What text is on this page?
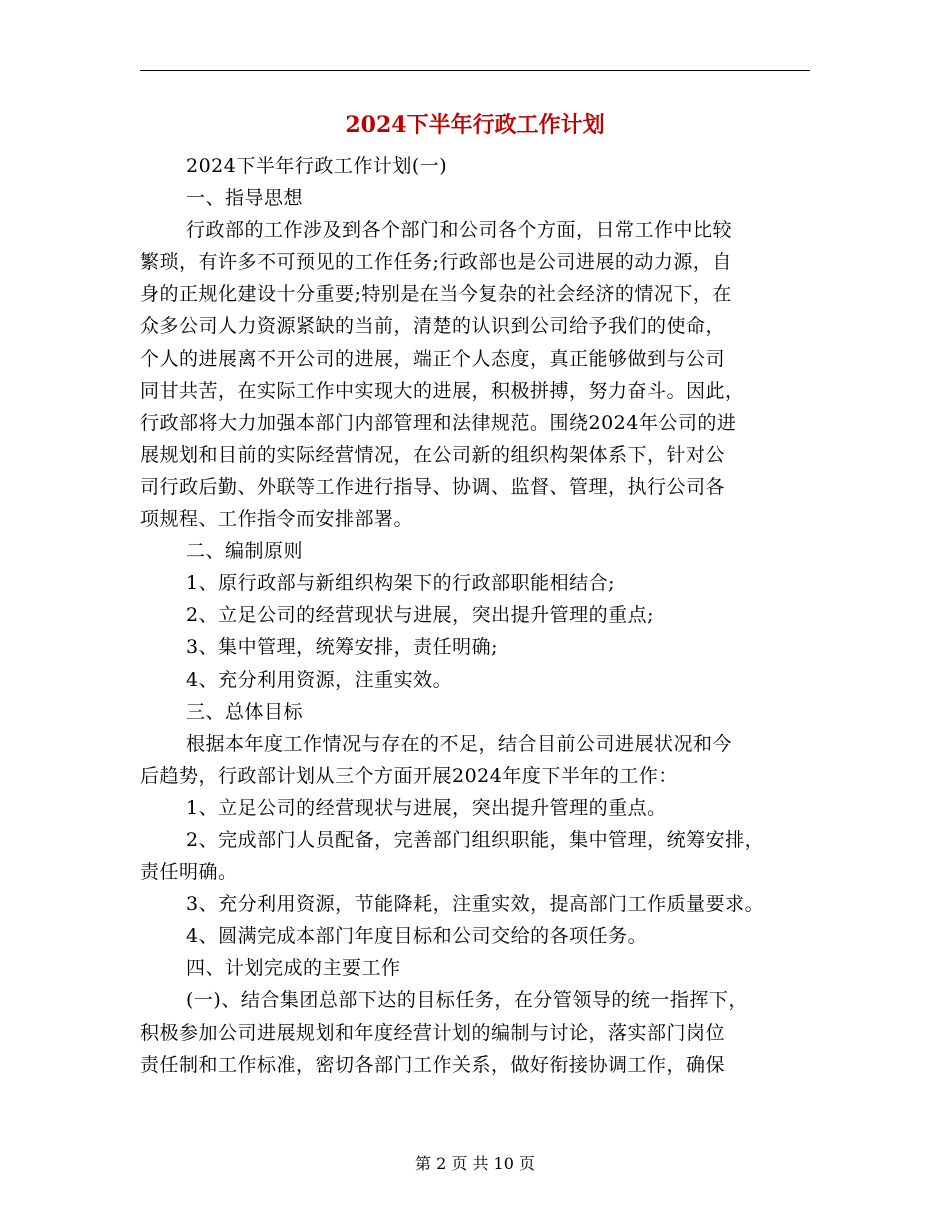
2024下半年行政工作计划
2024下半年行政工作计划(一)
一、指导思想
行政部的工作涉及到各个部门和公司各个方面，日常工作中比较
繁琐，有许多不可预见的工作任务;行政部也是公司进展的动力源，自
身的正规化建设十分重要;特别是在当今复杂的社会经济的情况下，在
众多公司人力资源紧缺的当前，清楚的认识到公司给予我们的使命，
个人的进展离不开公司的进展，端正个人态度，真正能够做到与公司
同甘共苦，在实际工作中实现大的进展，积极拼搏，努力奋斗。因此，
行政部将大力加强本部门内部管理和法律规范。围绕2024年公司的进
展规划和目前的实际经营情况，在公司新的组织构架体系下，针对公
司行政后勤、外联等工作进行指导、协调、监督、管理，执行公司各
项规程、工作指令而安排部署。
二、编制原则
1、原行政部与新组织构架下的行政部职能相结合;
2、立足公司的经营现状与进展，突出提升管理的重点;
3、集中管理，统筹安排，责任明确;
4、充分利用资源，注重实效。
三、总体目标
根据本年度工作情况与存在的不足，结合目前公司进展状况和今
后趋势，行政部计划从三个方面开展2024年度下半年的工作：
1、立足公司的经营现状与进展，突出提升管理的重点。
2、完成部门人员配备，完善部门组织职能，集中管理，统筹安排，
责任明确。
3、充分利用资源，节能降耗，注重实效，提高部门工作质量要求。
4、圆满完成本部门年度目标和公司交给的各项任务。
四、计划完成的主要工作
(一)、结合集团总部下达的目标任务，在分管领导的统一指挥下，
积极参加公司进展规划和年度经营计划的编制与讨论，落实部门岗位
责任制和工作标准，密切各部门工作关系，做好衔接协调工作，确保
第 2 页 共 10 页
